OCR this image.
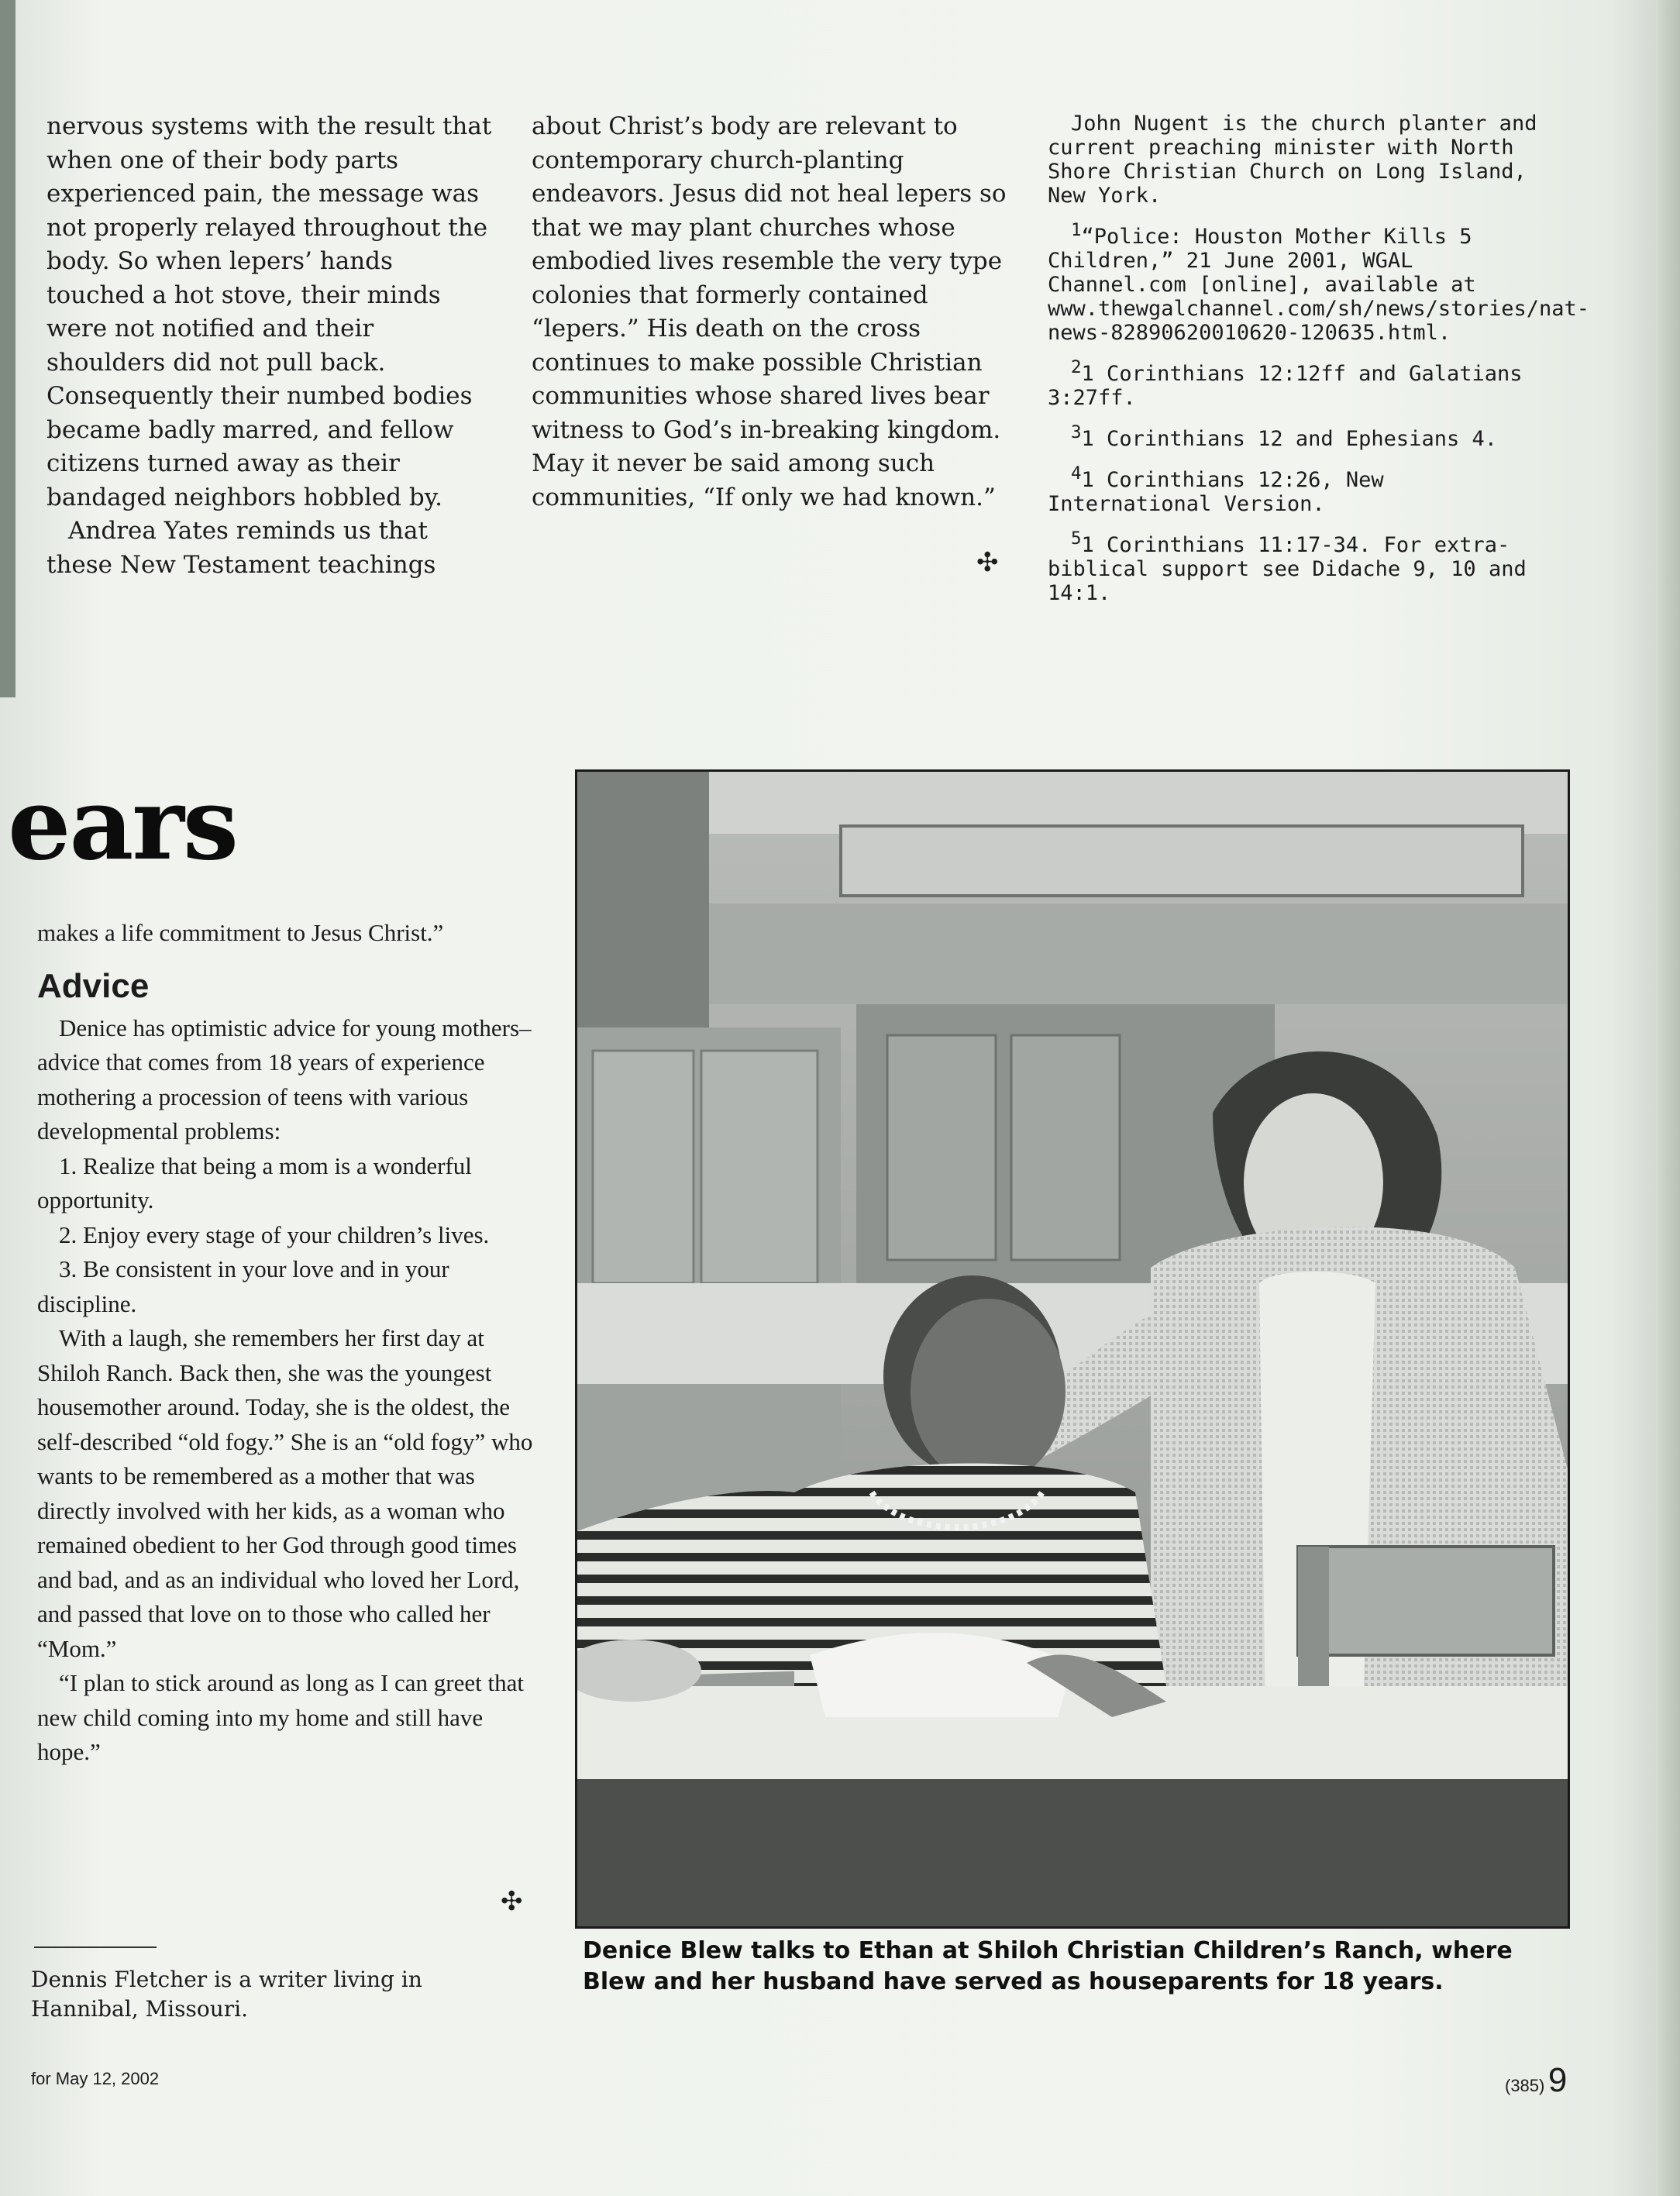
nervous systems with the result that when one of their body parts experienced pain, the message was not properly relayed throughout the body. So when lepers’ hands touched a hot stove, their minds were not notified and their shoulders did not pull back. Consequently their numbed bodies became badly marred, and fellow citizens turned away as their bandaged neighbors hobbled by.

Andrea Yates reminds us that these New Testament teachings

about Christ’s body are relevant to contemporary church-planting endeavors. Jesus did not heal lepers so that we may plant churches whose embodied lives resemble the very type colonies that formerly contained “lepers.” His death on the cross continues to make possible Christian communities whose shared lives bear witness to God’s in-breaking kingdom. May it never be said among such communities, “If only we had known.”

✣
John Nugent is the church planter and current preaching minister with North Shore Christian Church on Long Island, New York.
$^1$“Police: Houston Mother Kills 5 Children,” 21 June 2001, WGAL Channel.com [online], available at www.thewgalchannel.com/sh/news/stories/nat-news-82890620010620-120635.html.
$^2$1 Corinthians 12:12ff and Galatians 3:27ff.
$^3$1 Corinthians 12 and Ephesians 4.
$^4$1 Corinthians 12:26, New International Version.
$^5$1 Corinthians 11:17-34. For extra-biblical support see Didache 9, 10 and 14:1.
ears

makes a life commitment to Jesus Christ.”

Advice

Denice has optimistic advice for young mothers–advice that comes from 18 years of experience mothering a procession of teens with various developmental problems:

1. Realize that being a mom is a wonderful opportunity.

2. Enjoy every stage of your children’s lives.

3. Be consistent in your love and in your discipline.

With a laugh, she remembers her first day at Shiloh Ranch. Back then, she was the youngest housemother around. Today, she is the oldest, the self-described “old fogy.” She is an “old fogy” who wants to be remembered as a mother that was directly involved with her kids, as a woman who remained obedient to her God through good times and bad, and as an individual who loved her Lord, and passed that love on to those who called her “Mom.”

“I plan to stick around as long as I can greet that new child coming into my home and still have hope.”

✣
Dennis Fletcher is a writer living in Hannibal, Missouri.
Denice Blew talks to Ethan at Shiloh Christian Children’s Ranch, where Blew and her husband have served as houseparents for 18 years.
for May 12, 2002	(385) 9
